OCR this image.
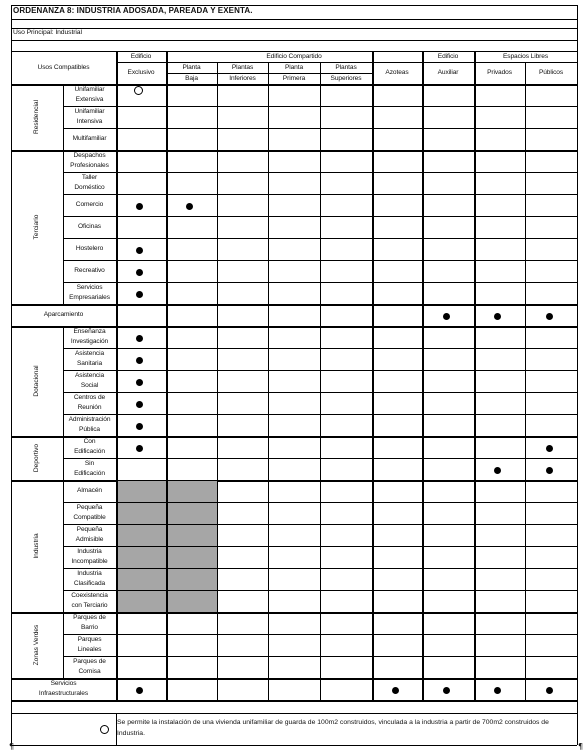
ORDENANZA 8: INDUSTRIA ADOSADA, PAREADA Y EXENTA.
Uso Principal: Industrial
Usos Compatibles
Edificio
Exclusivo
Edificio Compartido
Planta
Baja
Plantas
Inferiores
Planta
Primera
Plantas
Superiores
Azoteas
Edificio
Auxiliar
Espacios Libres
Privados	Públicos
Residencial
Unifamiliar
Extensiva
Unifamiliar
Intensiva
Multifamiliar
Terciario
Despachos
Profesionales
Taller
Doméstico
Comercio
Oficinas
Hostelero
Recreativo
Servicios
Empresariales
Aparcamiento
Dotacional
Enseñanza
Investigación
Asistencia
Sanitaria
Asistencia
Social
Centros de
Reunión
Administración
Pública
Deportivo
Con
Edificación
Sin
Edificación
Industria
Almacén
Pequeña
Compatible
Pequeña
Admisible
Industria
Incompatible
Industria
Clasificada
Coexistencia
con Terciario
Zonas Verdes
Parques de
Barrio
Parques
Lineales
Parques de
Cornisa
Servicios
Infraestructurales
Se permite la instalación de una vivienda unifamiliar de guarda de 100m2 construidos, vinculada a la industria a partir de 700m2 construidos de Industria.
¶	¶
